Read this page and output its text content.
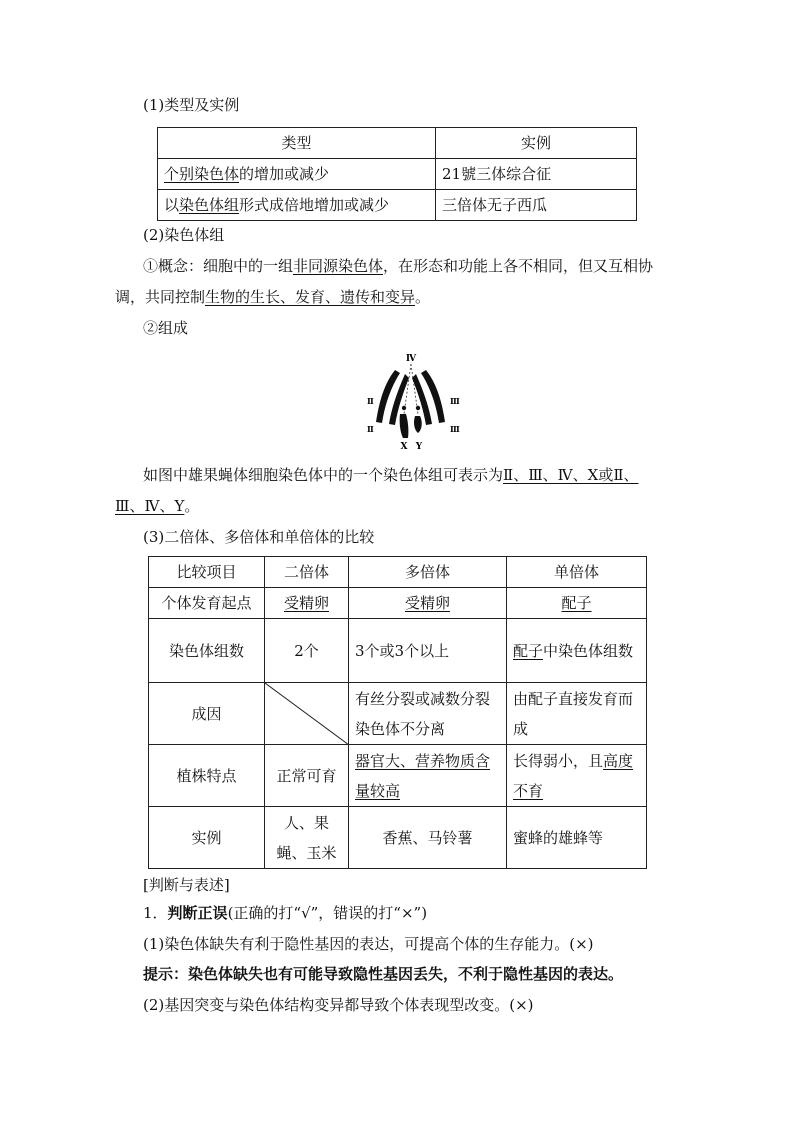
(1)类型及实例
类型	实例
个别染色体的增加或减少	21號三体综合征
以染色体组形式成倍地增加或减少	三倍体无子西瓜
(2)染色体组
①概念：细胞中的一组非同源染色体，在形态和功能上各不相同，但又互相协
调，共同控制生物的生长、发育、遗传和变异。
②组成
Ⅳ
Ⅱ
Ⅱ
Ⅲ
Ⅲ
X Y
如图中雄果蝇体细胞染色体中的一个染色体组可表示为Ⅱ、Ⅲ、Ⅳ、X或Ⅱ、
Ⅲ、Ⅳ、Y。
(3)二倍体、多倍体和单倍体的比较
比较项目	二倍体	多倍体	单倍体
个体发育起点	受精卵	受精卵	配子
染色体组数	2个	3个或3个以上	配子中染色体组数
成因		有丝分裂或减数分裂染色体不分离	由配子直接发育而成
植株特点	正常可育	器官大、营养物质含量较高	长得弱小，且高度不育
实例	人、果蝇、玉米	香蕉、马铃薯	蜜蜂的雄蜂等
[判断与表述]
1．判断正误(正确的打“√”，错误的打“×”)
(1)染色体缺失有利于隐性基因的表达，可提高个体的生存能力。(×)
提示：染色体缺失也有可能导致隐性基因丢失，不利于隐性基因的表达。
(2)基因突变与染色体结构变异都导致个体表现型改变。(×)
